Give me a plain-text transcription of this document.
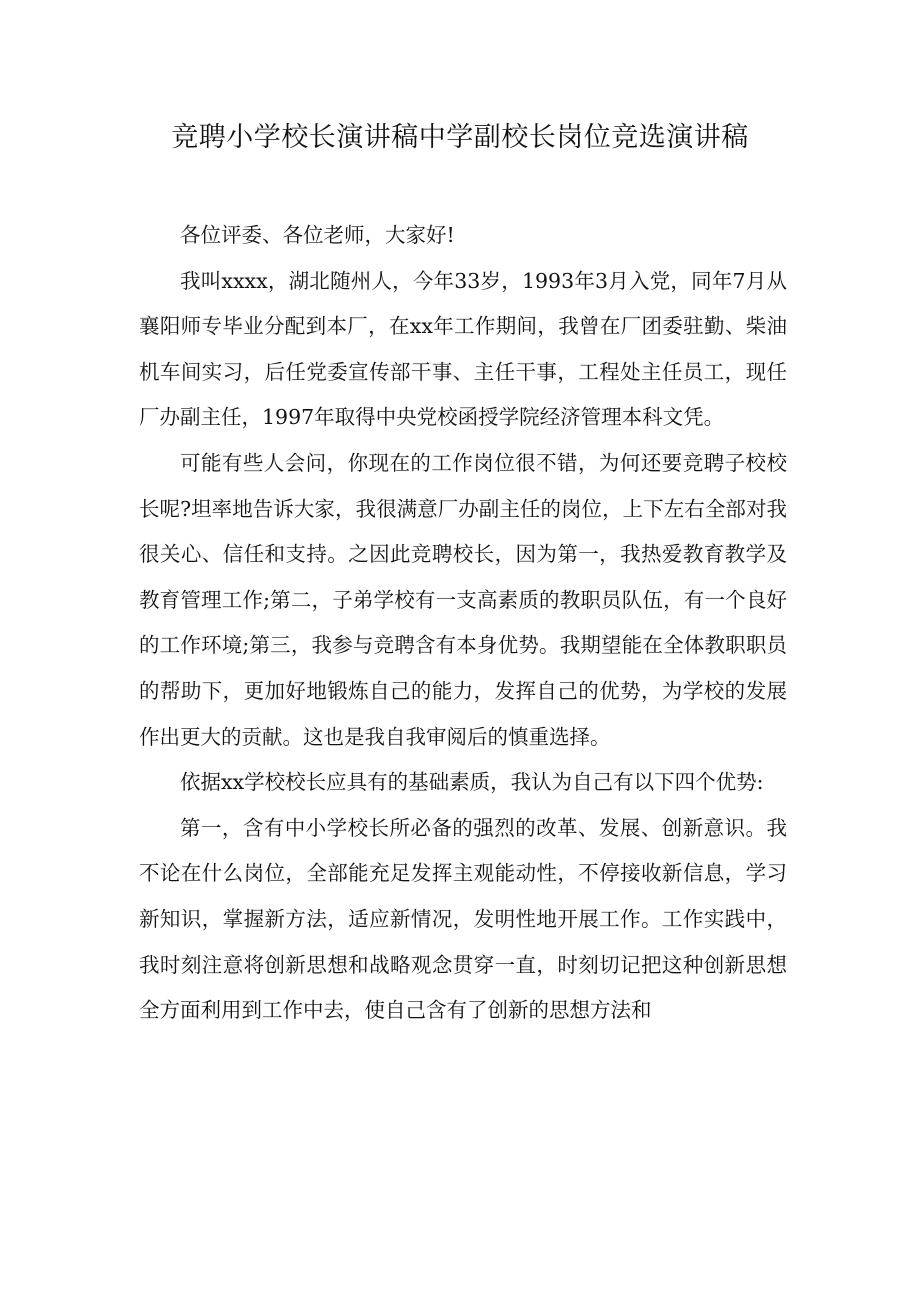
竞聘小学校长演讲稿中学副校长岗位竞选演讲稿

各位评委、各位老师，大家好!

我叫xxxx，湖北随州人，今年33岁，1993年3月入党，同年7月从襄阳师专毕业分配到本厂，在xx年工作期间，我曾在厂团委驻勤、柴油机车间实习，后任党委宣传部干事、主任干事，工程处主任员工，现任厂办副主任，1997年取得中央党校函授学院经济管理本科文凭。

可能有些人会问，你现在的工作岗位很不错，为何还要竞聘子校校长呢?坦率地告诉大家，我很满意厂办副主任的岗位，上下左右全部对我很关心、信任和支持。之因此竞聘校长，因为第一，我热爱教育教学及教育管理工作;第二，子弟学校有一支高素质的教职员队伍，有一个良好的工作环境;第三，我参与竞聘含有本身优势。我期望能在全体教职职员的帮助下，更加好地锻炼自己的能力，发挥自己的优势，为学校的发展作出更大的贡献。这也是我自我审阅后的慎重选择。

依据xx学校校长应具有的基础素质，我认为自己有以下四个优势:

第一，含有中小学校长所必备的强烈的改革、发展、创新意识。我不论在什么岗位，全部能充足发挥主观能动性，不停接收新信息，学习新知识，掌握新方法，适应新情况，发明性地开展工作。工作实践中，我时刻注意将创新思想和战略观念贯穿一直，时刻切记把这种创新思想全方面利用到工作中去，使自己含有了创新的思想方法和
